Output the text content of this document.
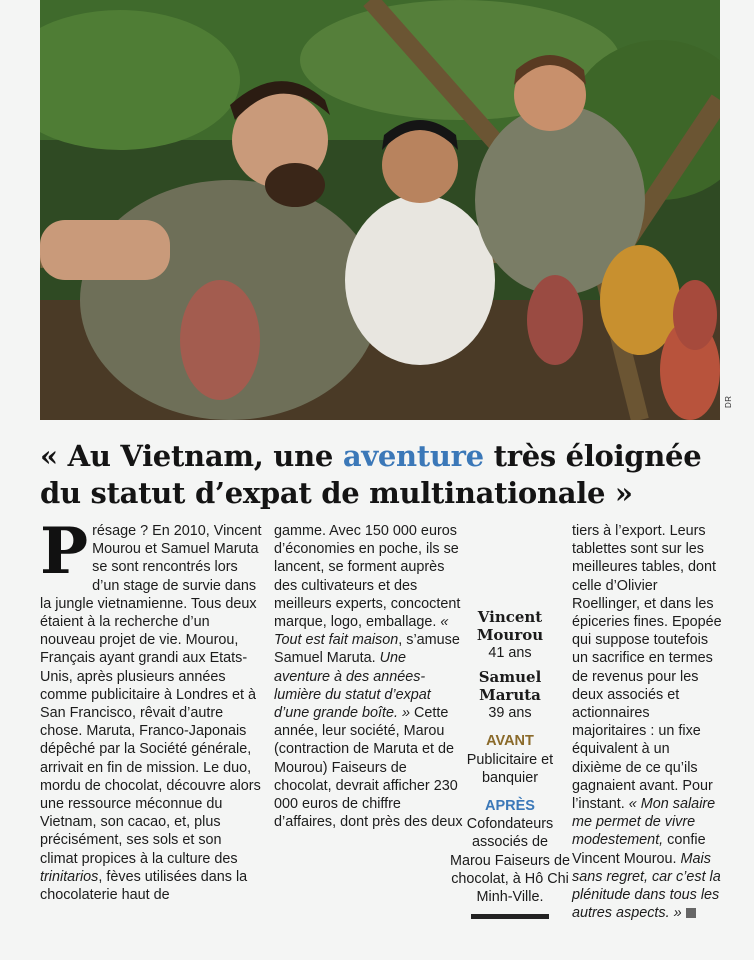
DR
« Au Vietnam, une aventure très éloignée du statut d’expat de multinationale »

Présage ? En 2010, Vincent Mourou et Samuel Maruta se sont rencontrés lors d’un stage de survie dans la jungle vietnamienne. Tous deux étaient à la recherche d’un nouveau projet de vie. Mourou, Français ayant grandi aux Etats-Unis, après plusieurs années comme publicitaire à Londres et à San Francisco, rêvait d’autre chose. Maruta, Franco-Japonais dépêché par la Société générale, arrivait en fin de mission. Le duo, mordu de chocolat, découvre alors une ressource méconnue du Vietnam, son cacao, et, plus précisément, ses sols et son climat propices à la culture des trinitarios, fèves utilisées dans la chocolaterie haut de

gamme. Avec 150 000 euros d’économies en poche, ils se lancent, se forment auprès des cultivateurs et des meilleurs experts, concoctent marque, logo, emballage. « Tout est fait maison, s’amuse Samuel Maruta. Une aventure à des années-lumière du statut d’expat d’une grande boîte. » Cette année, leur société, Marou (contraction de Maruta et de Mourou) Faiseurs de chocolat, devrait afficher 230 000 euros de chiffre d’affaires, dont près des deux

Vincent Mourou
41 ans
Samuel Maruta
39 ans
AVANT
Publicitaire et banquier
APRÈS
Cofondateurs associés de Marou Faiseurs de chocolat, à Hô Chi Minh-Ville.

tiers à l’export. Leurs tablettes sont sur les meilleures tables, dont celle d’Olivier Roellinger, et dans les épiceries fines. Epopée qui suppose toutefois un sacrifice en termes de revenus pour les deux associés et actionnaires majoritaires : un fixe équivalent à un dixième de ce qu’ils gagnaient avant. Pour l’instant. « Mon salaire me permet de vivre modestement, confie Vincent Mourou. Mais sans regret, car c’est la plénitude dans tous les autres aspects. »
